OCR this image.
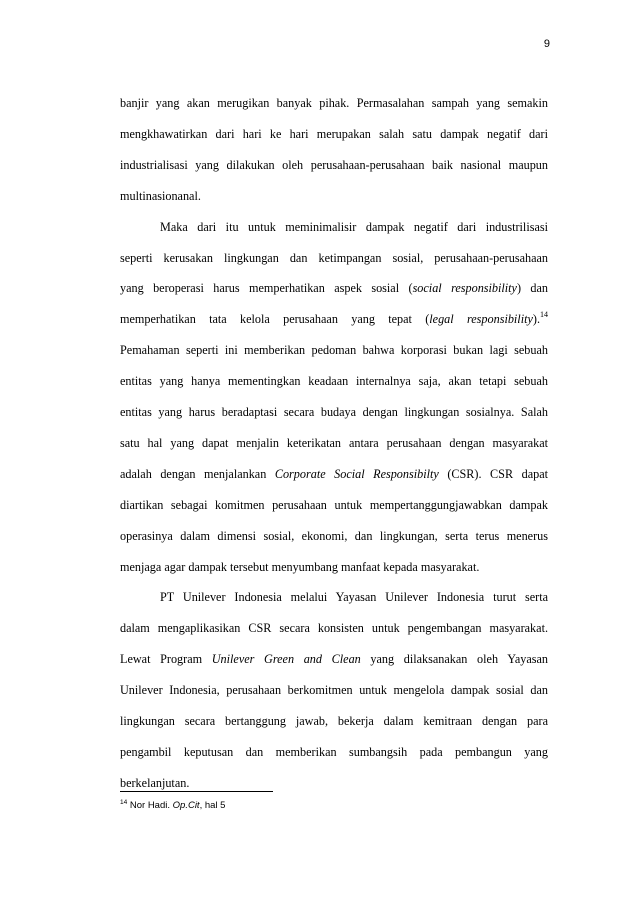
9
banjir yang akan merugikan banyak pihak. Permasalahan sampah yang semakin
mengkhawatirkan dari hari ke hari merupakan salah satu dampak negatif dari
industrialisasi yang dilakukan oleh perusahaan-perusahaan baik nasional maupun
multinasionanal.
Maka dari itu untuk meminimalisir dampak negatif dari industrilisasi
seperti kerusakan lingkungan dan ketimpangan sosial, perusahaan-perusahaan
yang beroperasi harus memperhatikan aspek sosial (social responsibility) dan
memperhatikan tata kelola perusahaan yang tepat (legal responsibility).$^{14}$
Pemahaman seperti ini memberikan pedoman bahwa korporasi bukan lagi sebuah
entitas yang hanya mementingkan keadaan internalnya saja, akan tetapi sebuah
entitas yang harus beradaptasi secara budaya dengan lingkungan sosialnya. Salah
satu hal yang dapat menjalin keterikatan antara perusahaan dengan masyarakat
adalah dengan menjalankan Corporate Social Responsibilty (CSR). CSR dapat
diartikan sebagai komitmen perusahaan untuk mempertanggungjawabkan dampak
operasinya dalam dimensi sosial, ekonomi, dan lingkungan, serta terus menerus
menjaga agar dampak tersebut menyumbang manfaat kepada masyarakat.
PT Unilever Indonesia melalui Yayasan Unilever Indonesia turut serta
dalam mengaplikasikan CSR secara konsisten untuk pengembangan masyarakat.
Lewat Program Unilever Green and Clean yang dilaksanakan oleh Yayasan
Unilever Indonesia, perusahaan berkomitmen untuk mengelola dampak sosial dan
lingkungan secara bertanggung jawab, bekerja dalam kemitraan dengan para
pengambil keputusan dan memberikan sumbangsih pada pembangun yang
berkelanjutan.
$^{14}$ Nor Hadi. Op.Cit, hal 5
